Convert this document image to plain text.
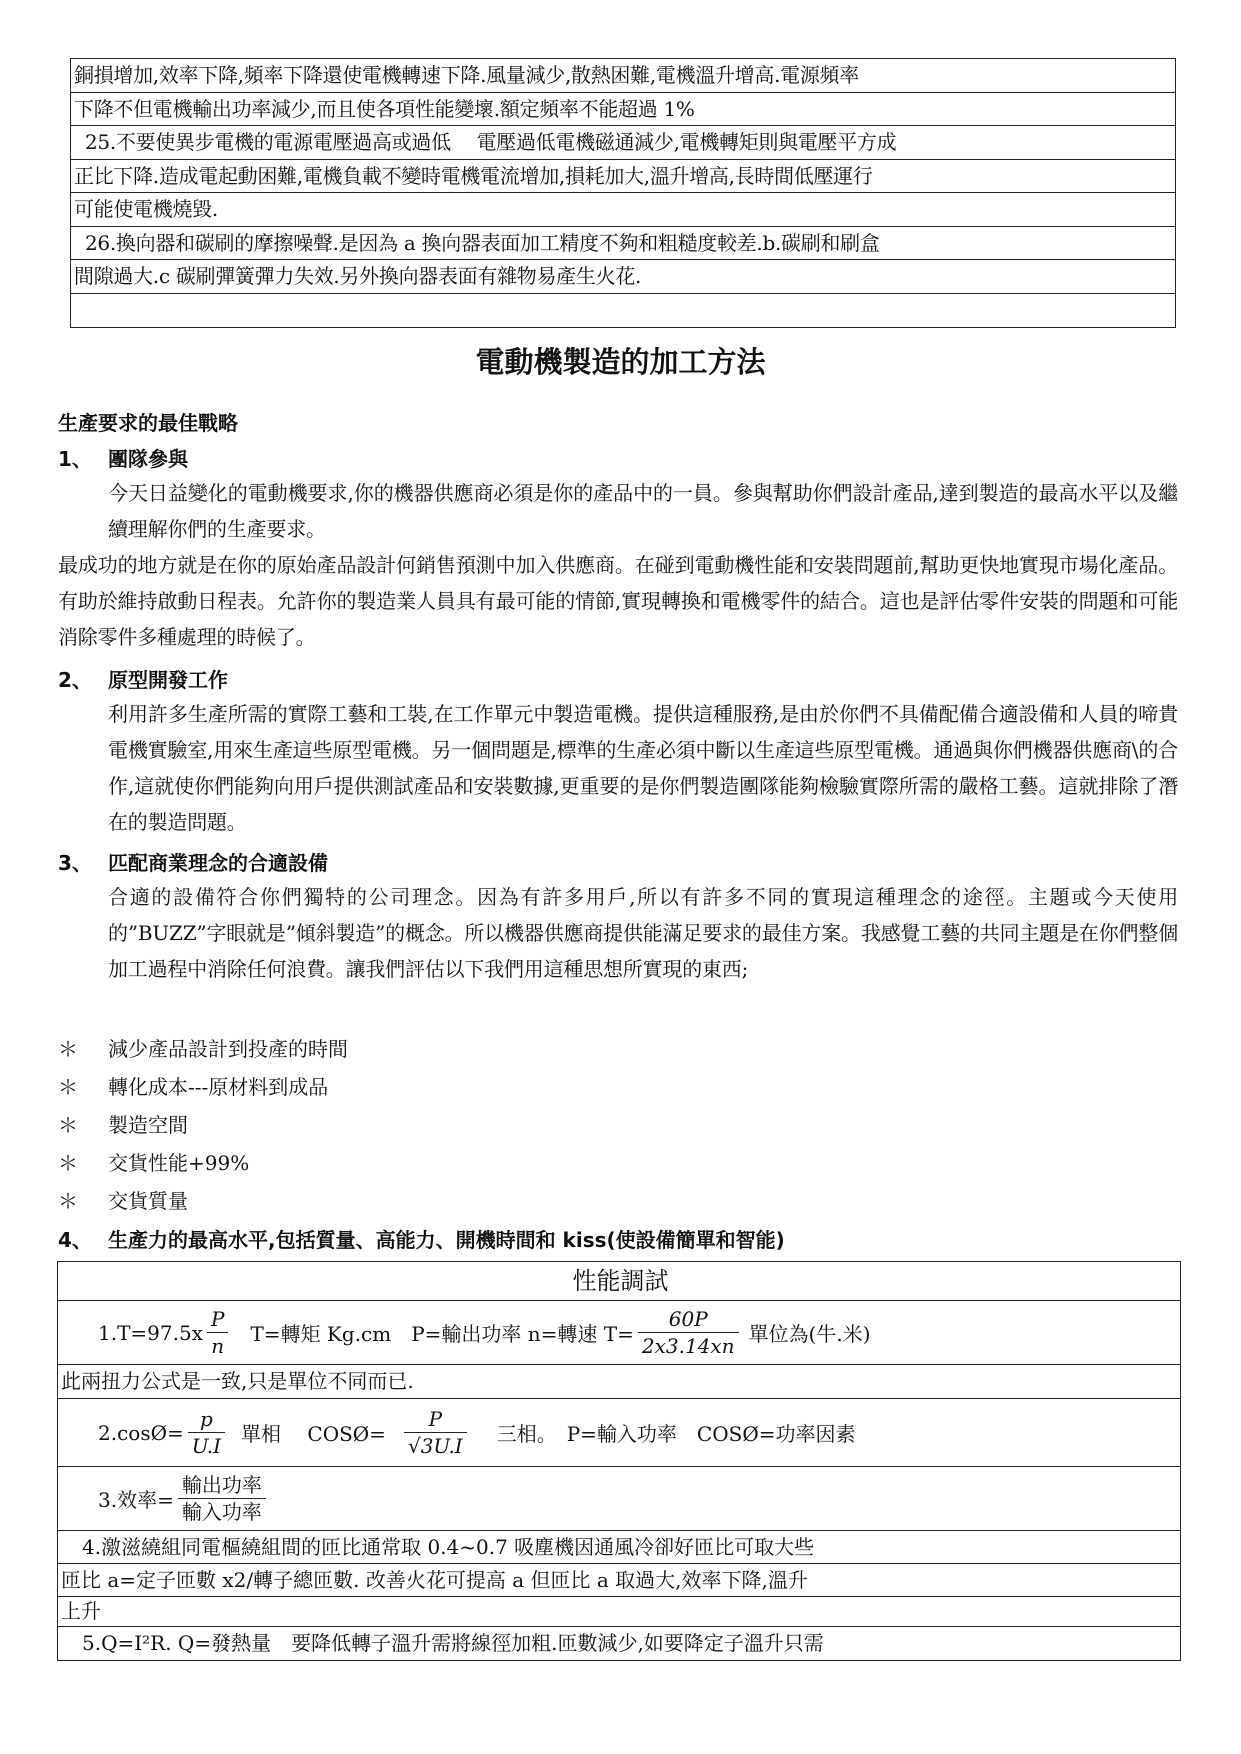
銅損增加,效率下降,頻率下降還使電機轉速下降.風量減少,散熱困難,電機溫升增高.電源頻率
下降不但電機輸出功率減少,而且使各項性能變壞.額定頻率不能超過 1%
25.不要使異步電機的電源電壓過高或過低　 電壓過低電機磁通減少,電機轉矩則與電壓平方成
正比下降.造成電起動困難,電機負載不變時電機電流增加,損耗加大,溫升增高,長時間低壓運行
可能使電機燒毀.
26.換向器和碳刷的摩擦噪聲.是因為 a 換向器表面加工精度不夠和粗糙度較差.b.碳刷和刷盒
間隙過大.c 碳刷彈簧彈力失效.另外換向器表面有雜物易產生火花.
電動機製造的加工方法
生產要求的最佳戰略
1、 團隊參與
今天日益變化的電動機要求,你的機器供應商必須是你的產品中的一員。參與幫助你們設計產品,達到製造的最高水平以及繼續理解你們的生產要求。
最成功的地方就是在你的原始產品設計何銷售預測中加入供應商。在碰到電動機性能和安裝問題前,幫助更快地實現市場化產品。有助於維持啟動日程表。允許你的製造業人員具有最可能的情節,實現轉換和電機零件的結合。這也是評估零件安裝的問題和可能消除零件多種處理的時候了。
2、 原型開發工作
利用許多生產所需的實際工藝和工裝,在工作單元中製造電機。提供這種服務,是由於你們不具備配備合適設備和人員的啼貴電機實驗室,用來生產這些原型電機。另一個問題是,標準的生產必須中斷以生產這些原型電機。通過與你們機器供應商\的合作,這就使你們能夠向用戶提供測試產品和安裝數據,更重要的是你們製造團隊能夠檢驗實際所需的嚴格工藝。這就排除了潛在的製造問題。
3、 匹配商業理念的合適設備
合適的設備符合你們獨特的公司理念。因為有許多用戶,所以有許多不同的實現這種理念的途徑。主題或今天使用的”BUZZ”字眼就是”傾斜製造”的概念。所以機器供應商提供能滿足要求的最佳方案。我感覺工藝的共同主題是在你們整個加工過程中消除任何浪費。讓我們評估以下我們用這種思想所實現的東西;
＊ 減少產品設計到投產的時間
＊ 轉化成本---原材料到成品
＊ 製造空間
＊ 交貨性能+99%
＊ 交貨質量
4、 生產力的最高水平,包括質量、高能力、開機時間和 kiss(使設備簡單和智能)
性能調試
$1.T=97.5x \frac{P}{n} T=$轉矩 Kg.cm　P=輸出功率 n=轉速 $T= \frac{60P}{2x3.14xn}$ 單位為(牛.米)
此兩扭力公式是一致,只是單位不同而已.
2.cosØ= $\frac{p}{U.I}$ 單相　 COSØ= $\frac{P}{√3U.I}$ 三相。　P=輸入功率　COSØ=功率因素
3.效率= $\frac{\text{輸出功率}}{\text{輸入功率}}$
4.激滋繞組同電樞繞組間的匝比通常取 0.4~0.7 吸塵機因通風冷卻好匝比可取大些
匝比 a=定子匝數 x2/轉子總匝數. 改善火花可提高 a 但匝比 a 取過大,效率下降,溫升
上升
5.Q=I²R. Q=發熱量　要降低轉子溫升需將線徑加粗.匝數減少,如要降定子溫升只需
